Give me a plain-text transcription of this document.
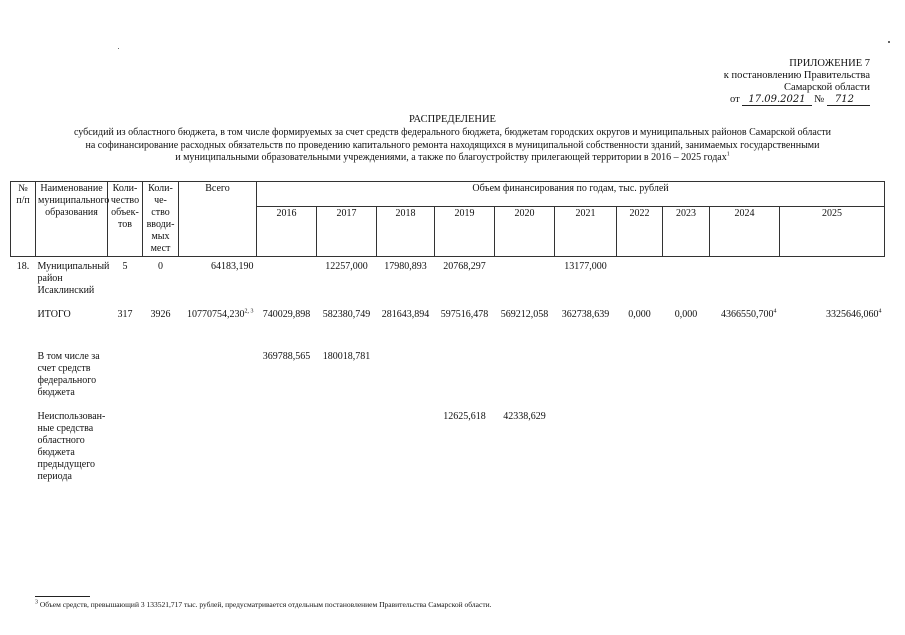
ПРИЛОЖЕНИЕ 7
к постановлению Правительства
Самарской области
от 17.09.2021 № 712
РАСПРЕДЕЛЕНИЕ
субсидий из областного бюджета, в том числе формируемых за счет средств федерального бюджета, бюджетам городских округов и муниципальных районов Самарской области
на софинансирование расходных обязательств по проведению капитального ремонта находящихся в муниципальной собственности зданий, занимаемых государственными
и муниципальными образовательными учреждениями, а также по благоустройству прилегающей территории в 2016 – 2025 годах$^1$
№ п/п	Наименование муниципального образования	Коли-чество объек-тов	Коли-че-ство вводи-мых мест	Всего	Объем финансирования по годам, тыс. рублей									
					2016	2017	2018	2019	2020	2021	2022	2023	2024	2025
18.	Муниципальный район Исаклинский	5	0	64183,190		12257,000	17980,893	20768,297		13177,000				
	ИТОГО	317	3926	10770754,230$^{2, 3}$	740029,898	582380,749	281643,894	597516,478	569212,058	362738,639	0,000	0,000	4366550,700$^4$	3325646,060$^4$
	В том числе за счет средств федерального бюджета				369788,565	180018,781								
	Неиспользован-ные средства областного бюджета предыдущего периода							12625,618	42338,629					
$^3$ Объем средств, превышающий 3 133521,717 тыс. рублей, предусматривается отдельным постановлением Правительства Самарской области.
